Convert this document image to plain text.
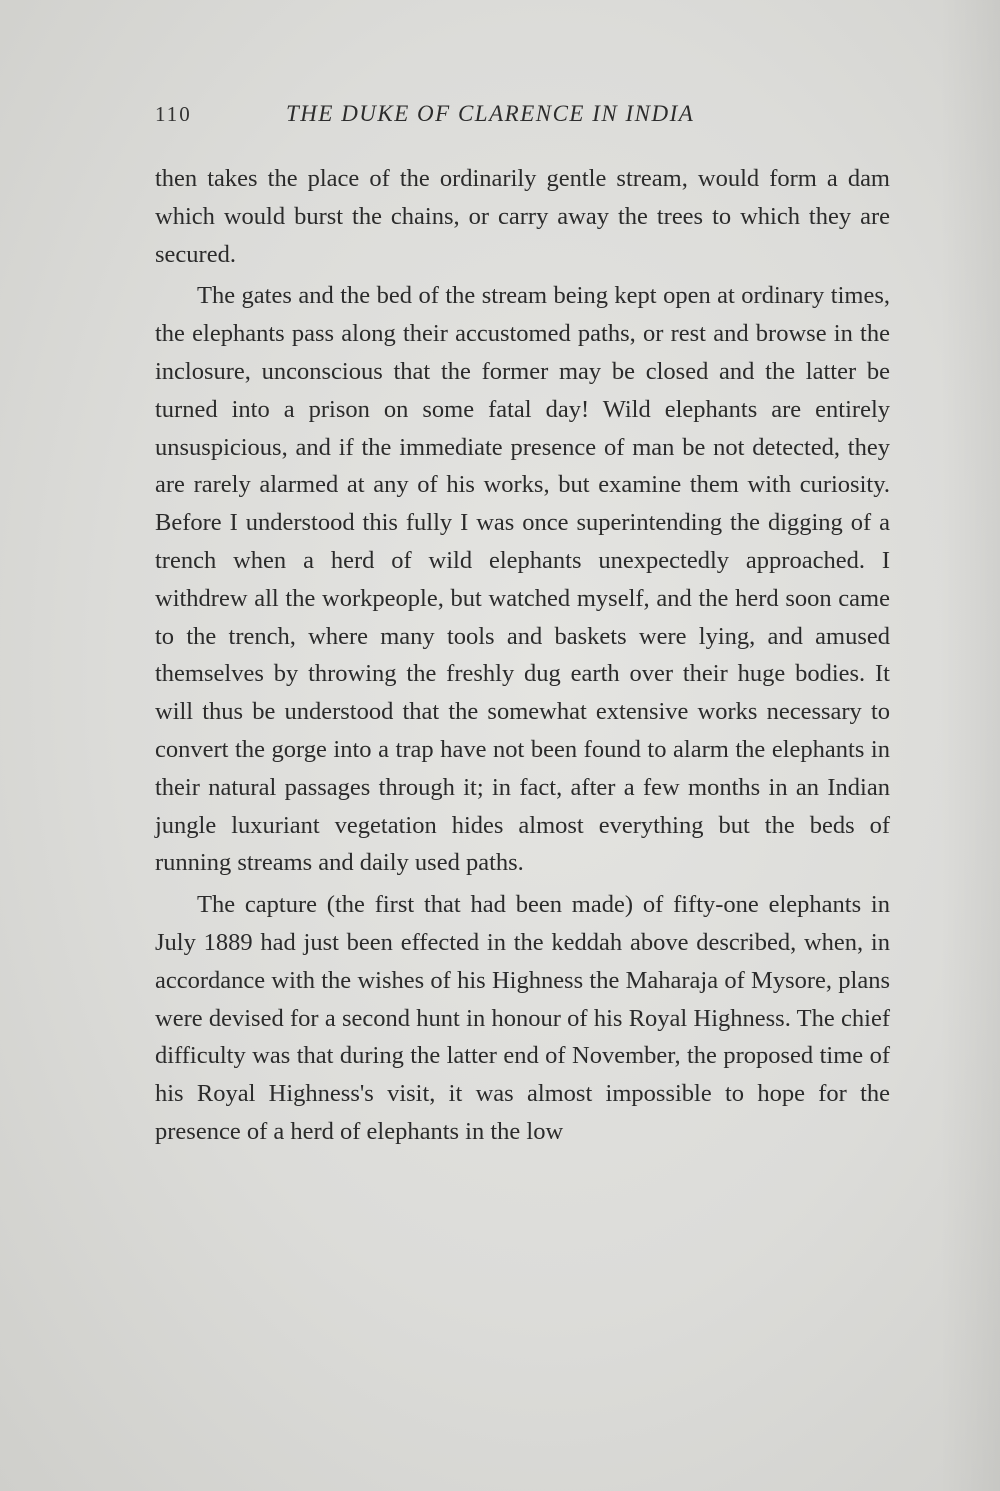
110	THE DUKE OF CLARENCE IN INDIA

then takes the place of the ordinarily gentle stream, would form a dam which would burst the chains, or carry away the trees to which they are secured.

The gates and the bed of the stream being kept open at ordinary times, the elephants pass along their accustomed paths, or rest and browse in the inclosure, unconscious that the former may be closed and the latter be turned into a prison on some fatal day! Wild elephants are entirely unsuspicious, and if the immediate presence of man be not detected, they are rarely alarmed at any of his works, but examine them with curiosity. Before I understood this fully I was once superintending the digging of a trench when a herd of wild elephants unexpectedly approached. I withdrew all the workpeople, but watched myself, and the herd soon came to the trench, where many tools and baskets were lying, and amused themselves by throwing the freshly dug earth over their huge bodies. It will thus be understood that the somewhat extensive works necessary to convert the gorge into a trap have not been found to alarm the elephants in their natural passages through it; in fact, after a few months in an Indian jungle luxuriant vegetation hides almost everything but the beds of running streams and daily used paths.

The capture (the first that had been made) of fifty-one elephants in July 1889 had just been effected in the keddah above described, when, in accordance with the wishes of his Highness the Maharaja of Mysore, plans were devised for a second hunt in honour of his Royal Highness. The chief difficulty was that during the latter end of November, the proposed time of his Royal Highness's visit, it was almost impossible to hope for the presence of a herd of elephants in the low
